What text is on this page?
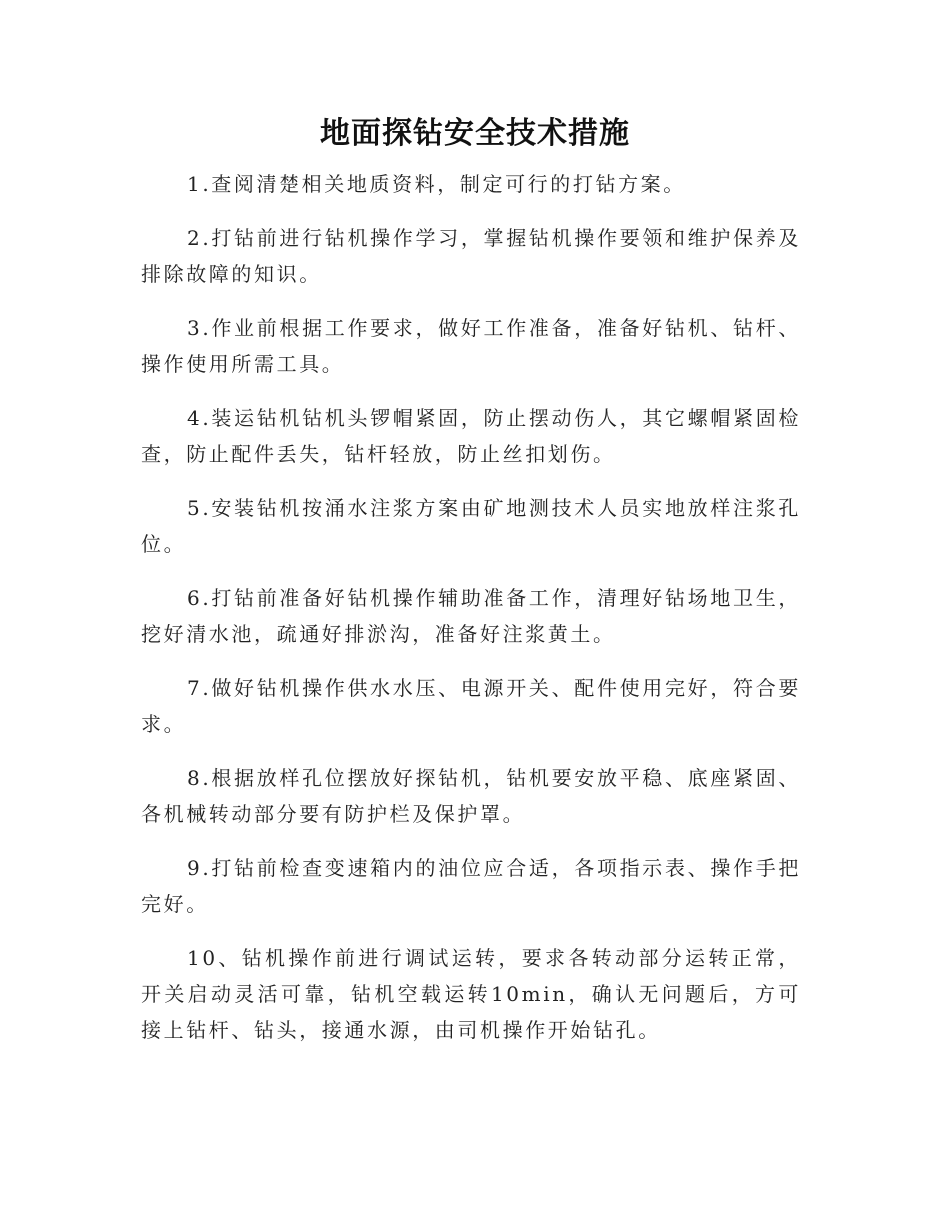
地面探钻安全技术措施

1.查阅清楚相关地质资料，制定可行的打钻方案。

2.打钻前进行钻机操作学习，掌握钻机操作要领和维护保养及排除故障的知识。

3.作业前根据工作要求，做好工作准备，准备好钻机、钻杆、操作使用所需工具。

4.装运钻机钻机头锣帽紧固，防止摆动伤人，其它螺帽紧固检查，防止配件丢失，钻杆轻放，防止丝扣划伤。

5.安装钻机按涌水注浆方案由矿地测技术人员实地放样注浆孔位。

6.打钻前准备好钻机操作辅助准备工作，清理好钻场地卫生，挖好清水池，疏通好排淤沟，准备好注浆黄土。

7.做好钻机操作供水水压、电源开关、配件使用完好，符合要求。

8.根据放样孔位摆放好探钻机，钻机要安放平稳、底座紧固、各机械转动部分要有防护栏及保护罩。

9.打钻前检查变速箱内的油位应合适，各项指示表、操作手把完好。

10、钻机操作前进行调试运转，要求各转动部分运转正常，开关启动灵活可靠，钻机空载运转10min，确认无问题后，方可接上钻杆、钻头，接通水源，由司机操作开始钻孔。
